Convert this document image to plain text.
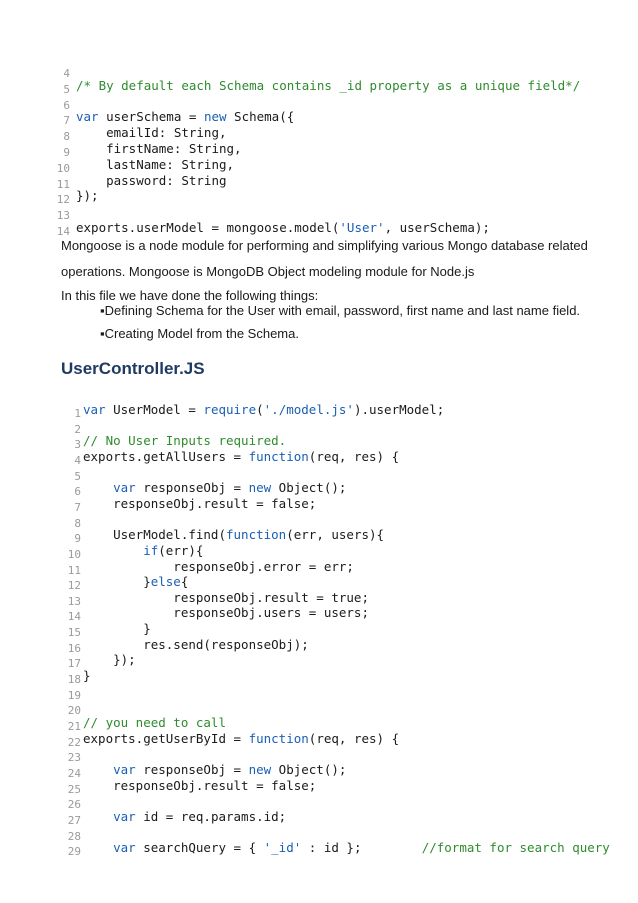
4
5 /* By default each Schema contains _id property as a unique field*/
6
7 var userSchema = new Schema({
8 emailId: String,
9 firstName: String,
10 lastName: String,
11 password: String
12 });
13
14 exports.userModel = mongoose.model('User', userSchema);
1 var UserModel = require('./model.js').userModel;
2
3 // No User Inputs required.
4 exports.getAllUsers = function(req, res) {
5
6	var responseObj = new Object();
7 responseObj.result = false;
8
9 UserModel.find(function(err, users){
10	if(err){
11 responseObj.error = err;
12 }else{
13 responseObj.result = true;
14 responseObj.users = users;
15 }
16 res.send(responseObj);
17 });
18 }
19
20
21 // you need to call
22 exports.getUserById = function(req, res) {
23
24	var responseObj = new Object();
25 responseObj.result = false;
26
27	var id = req.params.id;
28
29	var searchQuery = { '_id' : id };        //format for search query
Mongoose is a node module for performing and simplifying various Mongo database related
operations. Mongoose is MongoDB Object modeling module for Node.js
In this file we have done the following things:
▪Defining Schema for the User with email, password, first name and last name field.
▪Creating Model from the Schema.
UserController.JS
